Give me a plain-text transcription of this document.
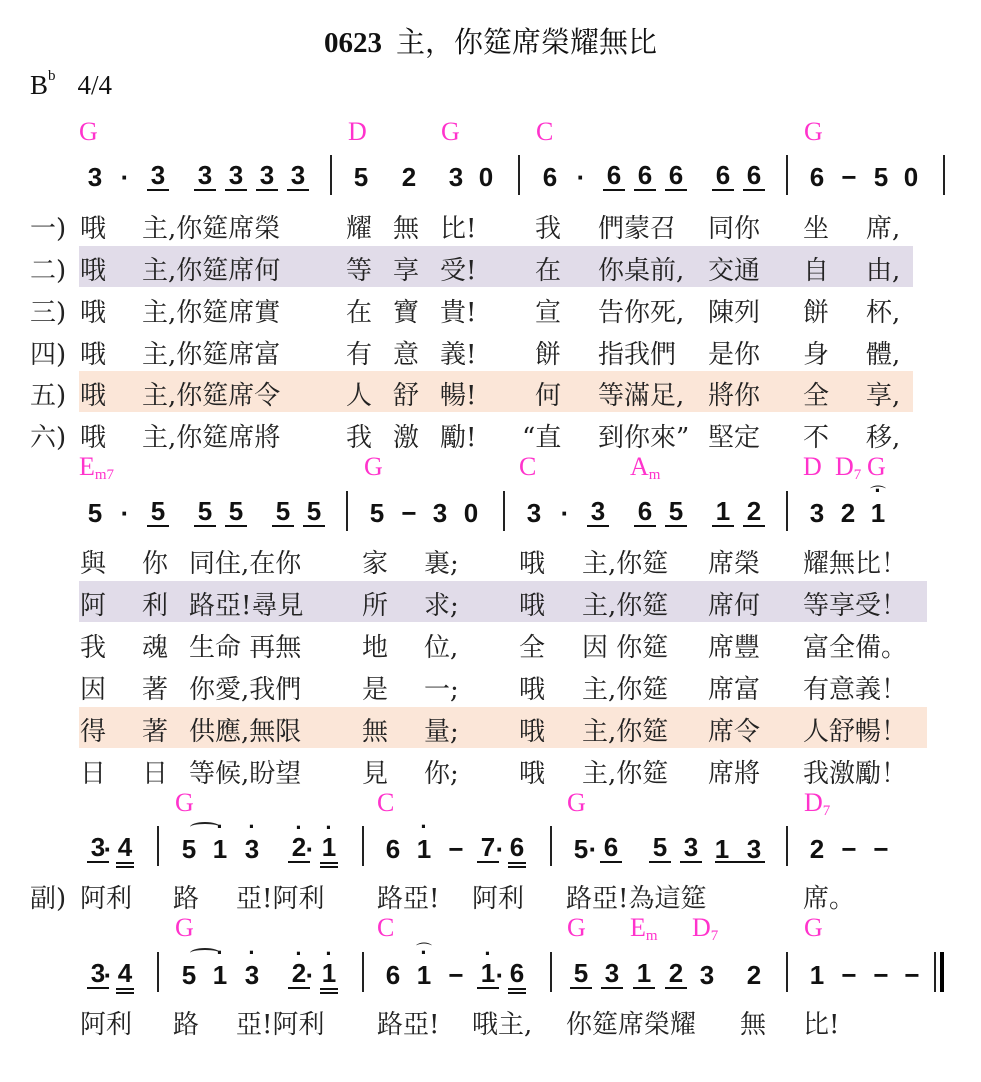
0623 主，你筵席榮耀無比
$B^b$ 4/4
G	D	G	C	G
3 · 3 3 3 3 3 5 2 3 0 6 · 6 6 6 6 6 6 − 5 0
一) 哦 主,你筵席榮	耀 無 比! 我 們蒙召 同你 坐 席,
二) 哦 主,你筵席何	等 享 受! 在 你桌前, 交通 自 由,
三) 哦 主,你筵席實	在 寶 貴! 宣 告你死, 陳列 餅 杯,
四) 哦 主,你筵席富	有 意 義! 餅 指我們 是你 身 體,
五) 哦 主,你筵席令	人 舒 暢! 何 等滿足, 將你 全 享,
六) 哦 主,你筵席將	我 激 勵! “直 到你來” 堅定 不 移,
$E_{m7}$	G	C	$A_m$	D $D_7$ G
5 · 5 5 5 5 5 5 − 3 0 3 · 3 6 5 1 2 3 2 · 1
⌒
與 你 同住,在你 家 裏; 哦 主,你筵 席榮 耀無比！
阿 利 路亞!尋見 所 求; 哦 主,你筵 席何 等享受！
我 魂 生命 再無 地 位, 全 因 你筵 席豐 富全備。
因 著 你愛,我們 是 一; 哦 主,你筵 席富 有意義！
得 著 供應,無限 無 量; 哦 主,你筵 席令 人舒暢！
日 日 等候,盼望 見 你; 哦 主,你筵 席將 我激勵！
G	C	G	$D_7$
3
· 4 5 · 1 · 3 · 2 · · 1 6 · 1 − 7 · 6 5 · 6 5 3 1 3 2 − −
副) 阿利 路 亞!阿利 路亞! 阿利 路亞!為這筵	席。
G	C	G $E_m$ $D_7$	G
3
· 4 5 · 1 · 3 · 2 · · 1 6
⌒
· 1 − · 1 · 6 5 3 1 2 3 2 1 − − −
阿利 路 亞!阿利 路亞! 哦主, 你筵席榮耀 無 比!
